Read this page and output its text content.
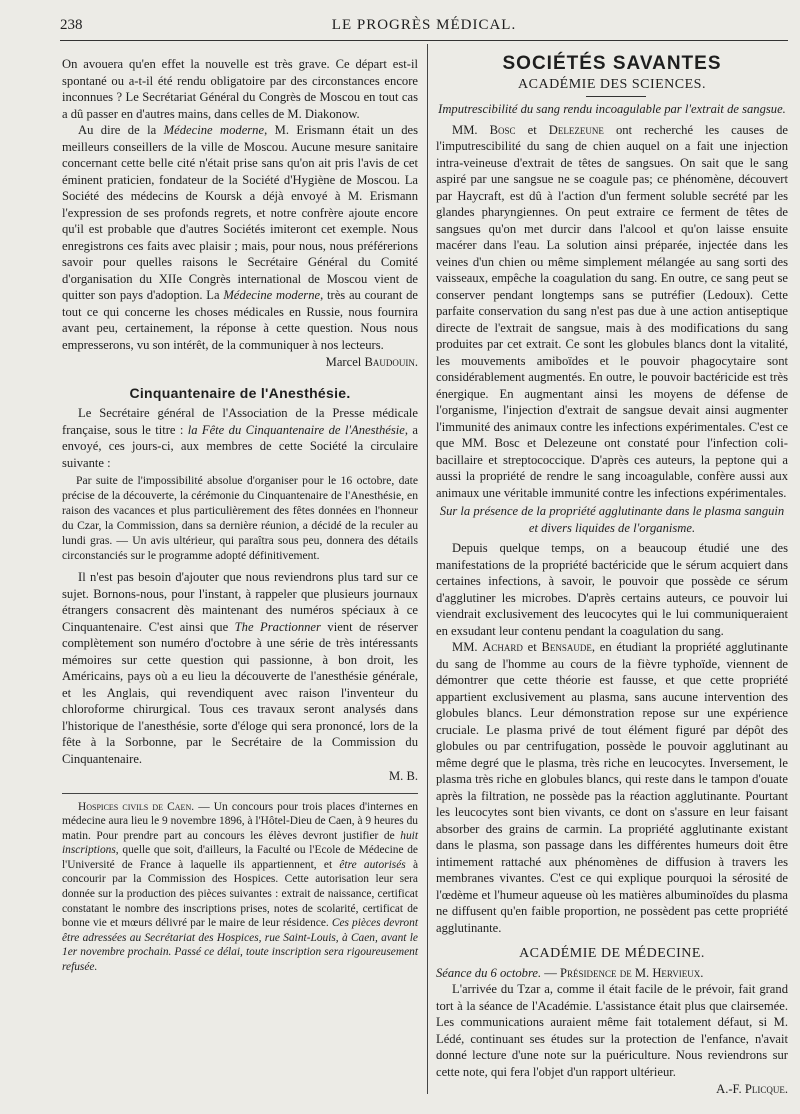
238	LE PROGRÈS MÉDICAL.

On avouera qu'en effet la nouvelle est très grave. Ce départ est-il spontané ou a-t-il été rendu obligatoire par des circonstances encore inconnues ? Le Secrétariat Général du Congrès de Moscou en tout cas a dû passer en d'autres mains, dans celles de M. Diakonow.

Au dire de la Médecine moderne, M. Erismann était un des meilleurs conseillers de la ville de Moscou. Aucune mesure sanitaire concernant cette belle cité n'était prise sans qu'on ait pris l'avis de cet éminent praticien, fondateur de la Société d'Hygiène de Moscou. La Société des médecins de Koursk a déjà envoyé à M. Erismann l'expression de ses profonds regrets, et notre confrère ajoute encore qu'il est probable que d'autres Sociétés imiteront cet exemple. Nous enregistrons ces faits avec plaisir ; mais, pour nous, nous préférerions savoir pour quelles raisons le Secrétaire Général du Comité d'organisation du XIIe Congrès international de Moscou vient de quitter son pays d'adoption. La Médecine moderne, très au courant de tout ce qui concerne les choses médicales en Russie, nous fournira avant peu, certainement, la réponse à cette question. Nous nous empresserons, vu son intérêt, de la communiquer à nos lecteurs.

Marcel Baudouin.
Cinquantenaire de l'Anesthésie.

Le Secrétaire général de l'Association de la Presse médicale française, sous le titre : la Fête du Cinquantenaire de l'Anesthésie, a envoyé, ces jours-ci, aux membres de cette Société la circulaire suivante :

Par suite de l'impossibilité absolue d'organiser pour le 16 octobre, date précise de la découverte, la cérémonie du Cinquantenaire de l'Anesthésie, en raison des vacances et plus particulièrement des fêtes données en l'honneur du Czar, la Commission, dans sa dernière réunion, a décidé de la reculer au lundi gras. — Un avis ultérieur, qui paraîtra sous peu, donnera des détails circonstanciés sur le programme adopté définitivement.

Il n'est pas besoin d'ajouter que nous reviendrons plus tard sur ce sujet. Bornons-nous, pour l'instant, à rappeler que plusieurs journaux étrangers consacrent dès maintenant des numéros spéciaux à ce Cinquantenaire. C'est ainsi que The Practionner vient de réserver complètement son numéro d'octobre à une série de très intéressants mémoires sur cette question qui passionne, à bon droit, les Américains, pays où a eu lieu la découverte de l'anesthésie générale, et les Anglais, qui revendiquent avec raison l'inventeur du chloroforme chirurgical. Tous ces travaux seront analysés dans l'historique de l'anesthésie, sorte d'éloge qui sera prononcé, lors de la fête à la Sorbonne, par le Secrétaire de la Commission du Cinquantenaire.

M. B.

Hospices civils de Caen. — Un concours pour trois places d'internes en médecine aura lieu le 9 novembre 1896, à l'Hôtel-Dieu de Caen, à 9 heures du matin. Pour prendre part au concours les élèves devront justifier de huit inscriptions, quelle que soit, d'ailleurs, la Faculté ou l'Ecole de Médecine de l'Université de France à laquelle ils appartiennent, et être autorisés à concourir par la Commission des Hospices. Cette autorisation leur sera donnée sur la production des pièces suivantes : extrait de naissance, certificat constatant le nombre des inscriptions prises, notes de scolarité, certificat de bonne vie et mœurs délivré par le maire de leur résidence. Ces pièces devront être adressées au Secrétariat des Hospices, rue Saint-Louis, à Caen, avant le 1er novembre prochain. Passé ce délai, toute inscription sera rigoureusement refusée.

SOCIÉTÉS SAVANTES
ACADÉMIE DES SCIENCES.
Imputrescibilité du sang rendu incoagulable par l'extrait de sangsue.

MM. Bosc et Delezeune ont recherché les causes de l'imputrescibilité du sang de chien auquel on a fait une injection intra-veineuse d'extrait de têtes de sangsues. On sait que le sang aspiré par une sangsue ne se coagule pas; ce phénomène, découvert par Haycraft, est dû à l'action d'un ferment soluble secrété par les glandes pharyngiennes. On peut extraire ce ferment de têtes de sangsues qu'on met durcir dans l'alcool et qu'on laisse ensuite macérer dans l'eau. La solution ainsi préparée, injectée dans les veines d'un chien ou même simplement mélangée au sang sorti des vaisseaux, empêche la coagulation du sang. En outre, ce sang peut se conserver pendant longtemps sans se putréfier (Ledoux). Cette parfaite conservation du sang n'est pas due à une action antiseptique directe de l'extrait de sangsue, mais à des modifications du sang produites par cet extrait. Ce sont les globules blancs dont la vitalité, les mouvements amiboïdes et le pouvoir phagocytaire sont considérablement augmentés. En outre, le pouvoir bactéricide est très énergique. En augmentant ainsi les moyens de défense de l'organisme, l'injection d'extrait de sangsue devait ainsi augmenter l'immunité des animaux contre les infections expérimentales. C'est ce que MM. Bosc et Delezeune ont constaté pour l'infection coli-bacillaire et streptococcique. D'après ces auteurs, la peptone qui a aussi la propriété de rendre le sang incoagulable, confère aussi aux animaux une véritable immunité contre les infections expérimentales.

Sur la présence de la propriété agglutinante dans le plasma sanguin et divers liquides de l'organisme.

Depuis quelque temps, on a beaucoup étudié une des manifestations de la propriété bactéricide que le sérum acquiert dans certaines infections, à savoir, le pouvoir que possède ce sérum d'agglutiner les microbes. D'après certains auteurs, ce pouvoir lui viendrait exclusivement des leucocytes qui le lui communiqueraient en exsudant leur contenu pendant la coagulation du sang.

MM. Achard et Bensaude, en étudiant la propriété agglutinante du sang de l'homme au cours de la fièvre typhoïde, viennent de démontrer que cette théorie est fausse, et que cette propriété appartient exclusivement au plasma, sans aucune intervention des globules blancs. Leur démonstration repose sur une expérience cruciale. Le plasma privé de tout élément figuré par dépôt des globules ou par centrifugation, possède le pouvoir agglutinant au même degré que le plasma, très riche en leucocytes. Inversement, le plasma très riche en globules blancs, qui reste dans le tampon d'ouate après la filtration, ne possède pas la réaction agglutinante. Pourtant les leucocytes sont bien vivants, ce dont on s'assure en leur faisant absorber des grains de carmin. La propriété agglutinante existant dans le plasma, son passage dans les différentes humeurs doit être intimement rattaché aux phénomènes de diffusion à travers les membranes vivantes. C'est ce qui explique pourquoi la sérosité de l'œdème et l'humeur aqueuse où les matières albuminoïdes du plasma ne diffusent qu'en faible proportion, ne possèdent pas cette propriété agglutinante.

ACADÉMIE DE MÉDECINE.

Séance du 6 octobre. — Présidence de M. Hervieux.

L'arrivée du Tzar a, comme il était facile de le prévoir, fait grand tort à la séance de l'Académie. L'assistance était plus que clairsemée. Les communications auraient même fait totalement défaut, si M. Lédé, continuant ses études sur la protection de l'enfance, n'avait donné lecture d'une note sur la puériculture. Nous reviendrons sur cette note, qui fera l'objet d'un rapport ultérieur.

A.-F. Plicque.
